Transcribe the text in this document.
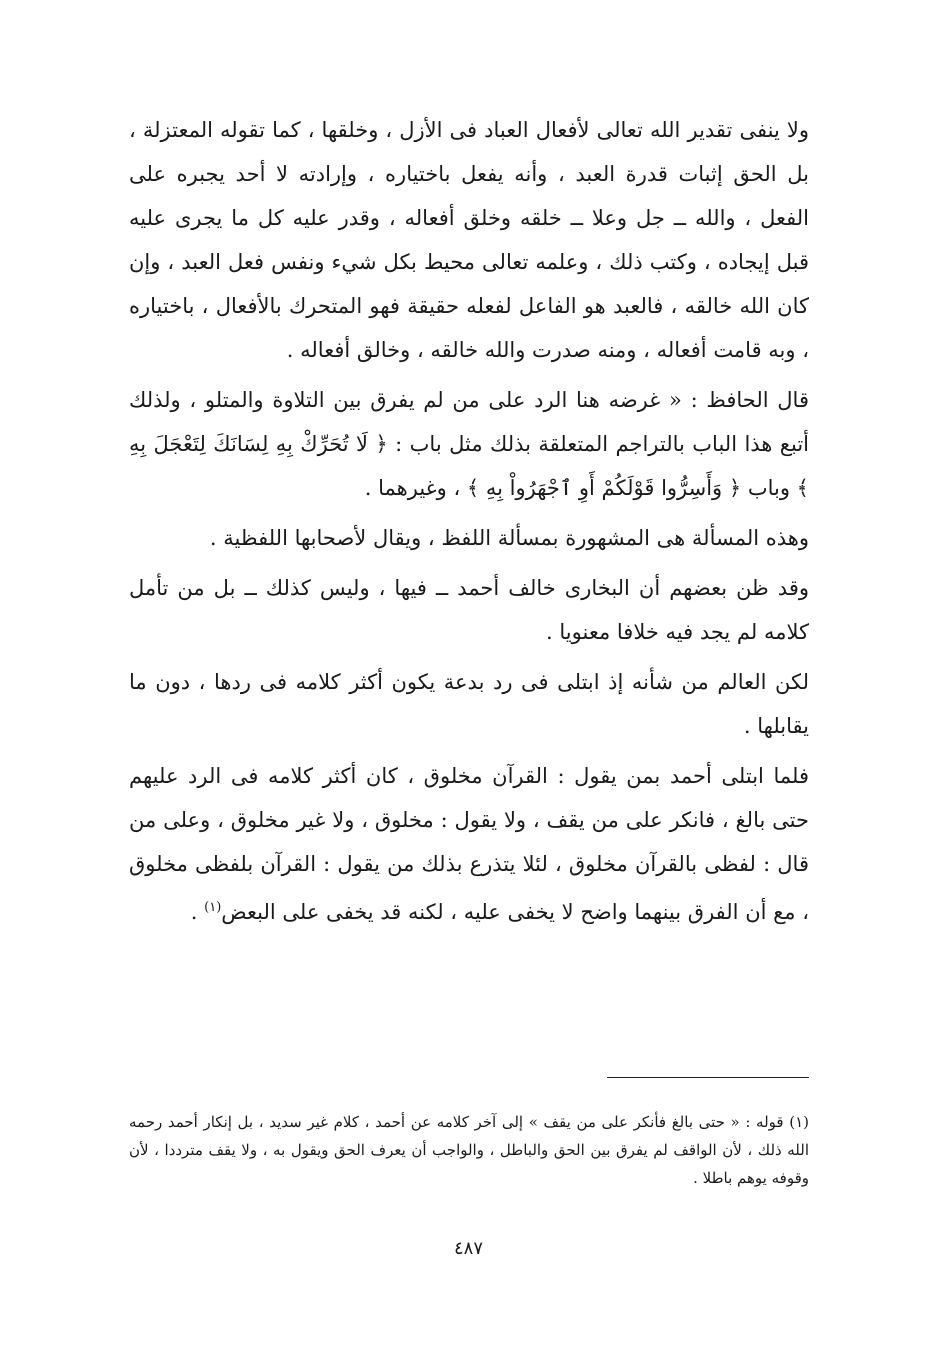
ولا ينفى تقدير الله تعالى لأفعال العباد فى الأزل ، وخلقها ، كما تقوله المعتزلة ، بل الحق إثبات قدرة العبد ، وأنه يفعل باختياره ، وإرادته لا أحد يجبره على الفعل ، والله ــ جل وعلا ــ خلقه وخلق أفعاله ، وقدر عليه كل ما يجرى عليه قبل إيجاده ، وكتب ذلك ، وعلمه تعالى محيط بكل شيء ونفس فعل العبد ، وإن كان الله خالقه ، فالعبد هو الفاعل لفعله حقيقة فهو المتحرك بالأفعال ، باختياره ، وبه قامت أفعاله ، ومنه صدرت والله خالقه ، وخالق أفعاله .

قال الحافظ : « غرضه هنا الرد على من لم يفرق بين التلاوة والمتلو ، ولذلك أتبع هذا الباب بالتراجم المتعلقة بذلك مثل باب : ﴿ لَا تُحَرِّكْ بِهِ لِسَانَكَ لِتَعْجَلَ بِهِ ﴾ وباب ﴿ وَأَسِرُّوا قَوْلَكُمْ أَوِ ٱجْهَرُواْ بِهِ ﴾ ، وغيرهما .

وهذه المسألة هى المشهورة بمسألة اللفظ ، ويقال لأصحابها اللفظية .

وقد ظن بعضهم أن البخارى خالف أحمد ــ فيها ، وليس كذلك ــ بل من تأمل كلامه لم يجد فيه خلافا معنويا .

لكن العالم من شأنه إذ ابتلى فى رد بدعة يكون أكثر كلامه فى ردها ، دون ما يقابلها .

فلما ابتلى أحمد بمن يقول : القرآن مخلوق ، كان أكثر كلامه فى الرد عليهم حتى بالغ ، فانكر على من يقف ، ولا يقول : مخلوق ، ولا غير مخلوق ، وعلى من قال : لفظى بالقرآن مخلوق ، لئلا يتذرع بذلك من يقول : القرآن بلفظى مخلوق ، مع أن الفرق بينهما واضح لا يخفى عليه ، لكنه قد يخفى على البعض$^{(١)}$ .

(١) قوله : « حتى بالغ فأنكر على من يقف » إلى آخر كلامه عن أحمد ، كلام غير سديد ، بل إنكار أحمد رحمه الله ذلك ، لأن الواقف لم يفرق بين الحق والباطل ، والواجب أن يعرف الحق ويقول به ، ولا يقف مترددا ، لأن وقوفه يوهم باطلا .

٤٨٧
